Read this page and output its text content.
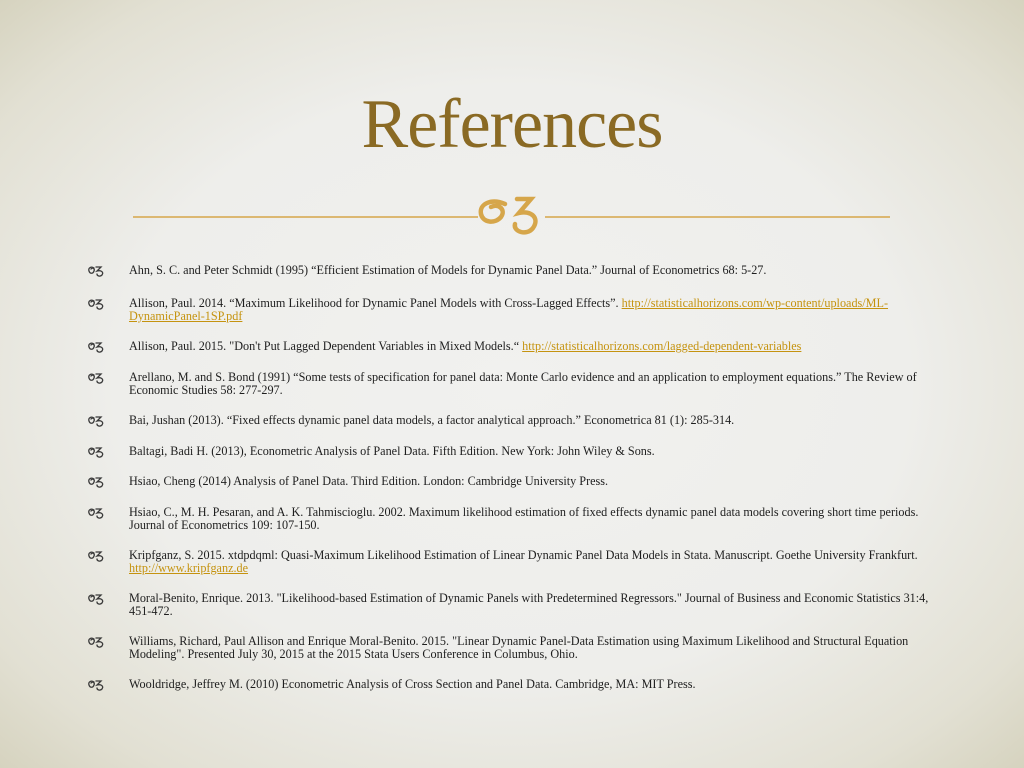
References
Ahn, S. C. and Peter Schmidt (1995) “Efficient Estimation of Models for Dynamic Panel Data.” Journal of Econometrics 68: 5-27.
Allison, Paul. 2014. “Maximum Likelihood for Dynamic Panel Models with Cross-Lagged Effects”. http://statisticalhorizons.com/wp-content/uploads/ML-DynamicPanel-1SP.pdf
Allison, Paul. 2015. "Don't Put Lagged Dependent Variables in Mixed Models.“ http://statisticalhorizons.com/lagged-dependent-variables
Arellano, M. and S. Bond (1991) “Some tests of specification for panel data: Monte Carlo evidence and an application to employment equations.” The Review of Economic Studies 58: 277-297.
Bai, Jushan (2013). “Fixed effects dynamic panel data models, a factor analytical approach.” Econometrica 81 (1): 285-314.
Baltagi, Badi H. (2013), Econometric Analysis of Panel Data. Fifth Edition. New York: John Wiley & Sons.
Hsiao, Cheng (2014) Analysis of Panel Data. Third Edition. London: Cambridge University Press.
Hsiao, C., M. H. Pesaran, and A. K. Tahmiscioglu. 2002. Maximum likelihood estimation of fixed effects dynamic panel data models covering short time periods. Journal of Econometrics 109: 107-150.
Kripfganz, S. 2015. xtdpdqml: Quasi-Maximum Likelihood Estimation of Linear Dynamic Panel Data Models in Stata. Manuscript. Goethe University Frankfurt. http://www.kripfganz.de
Moral-Benito, Enrique. 2013. "Likelihood-based Estimation of Dynamic Panels with Predetermined Regressors." Journal of Business and Economic Statistics 31:4, 451-472.
Williams, Richard, Paul Allison and Enrique Moral-Benito. 2015. "Linear Dynamic Panel-Data Estimation using Maximum Likelihood and Structural Equation Modeling". Presented July 30, 2015 at the 2015 Stata Users Conference in Columbus, Ohio.
Wooldridge, Jeffrey M. (2010) Econometric Analysis of Cross Section and Panel Data. Cambridge, MA: MIT Press.
